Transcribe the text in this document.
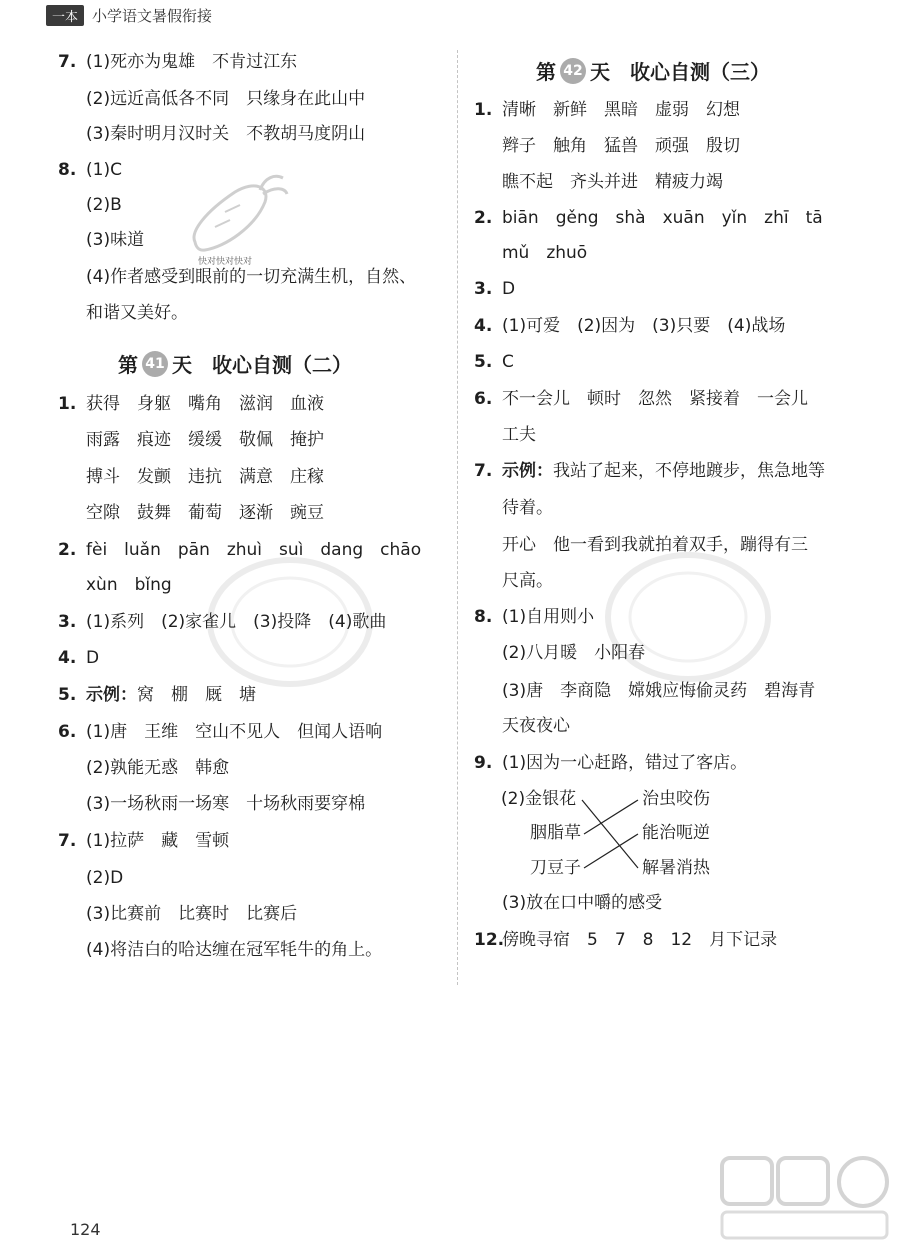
一本 小学语文暑假衔接
快对快对快对
7. (1)死亦为鬼雄　不肯过江东
(2)远近高低各不同　只缘身在此山中
(3)秦时明月汉时关　不教胡马度阴山
8. (1)C
(2)B
(3)味道
(4)作者感受到眼前的一切充满生机，自然、
和谐又美好。
第 41 天　收心自测（二）
1. 获得　身躯　嘴角　滋润　血液
雨露　痕迹　缓缓　敬佩　掩护
搏斗　发颤　违抗　满意　庄稼
空隙　鼓舞　葡萄　逐渐　豌豆
2. fèi　luǎn　pān　zhuì　suì　dang　chāo
xùn　bǐng
3. (1)系列　(2)家雀儿　(3)投降　(4)歌曲
4. D
5. 示例：窝　棚　厩　塘
6. (1)唐　王维　空山不见人　但闻人语响
(2)孰能无惑　韩愈
(3)一场秋雨一场寒　十场秋雨要穿棉
7. (1)拉萨　藏　雪顿
(2)D
(3)比赛前　比赛时　比赛后
(4)将洁白的哈达缠在冠军牦牛的角上。
第 42 天　收心自测（三）
1. 清晰　新鲜　黑暗　虚弱　幻想
辫子　触角　猛兽　顽强　殷切
瞧不起　齐头并进　精疲力竭
2. biān　gěng　shà　xuān　yǐn　zhī　tā
mǔ　zhuō
3. D
4. (1)可爱　(2)因为　(3)只要　(4)战场
5. C
6. 不一会儿　顿时　忽然　紧接着　一会儿
工夫
7. 示例：我站了起来，不停地踱步，焦急地等
待着。
开心　他一看到我就拍着双手，蹦得有三
尺高。
8. (1)自用则小
(2)八月暖　小阳春
(3)唐　李商隐　嫦娥应悔偷灵药　碧海青
天夜夜心
9. (1)因为一心赶路，错过了客店。
(2)金银花
胭脂草
刀豆子
治虫咬伤
能治呃逆
解暑消热
(3)放在口中嚼的感受
12.傍晚寻宿　5　7　8　12　月下记录
124
